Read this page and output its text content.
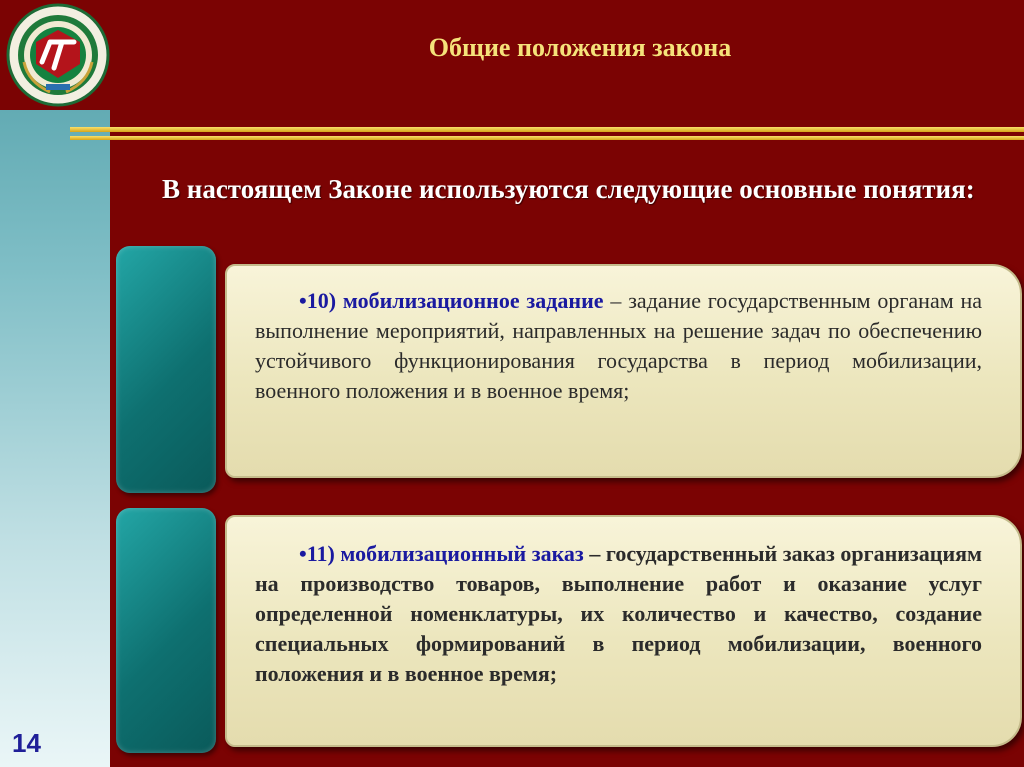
Общие положения закона
В настоящем Законе используются следующие основные понятия:
•10) мобилизационное задание – задание государственным органам на выполнение мероприятий, направленных на решение задач по обеспечению устойчивого функционирования государства в период мобилизации, военного положения и в военное время;
•11) мобилизационный заказ – государственный заказ организациям на производство товаров, выполнение работ и оказание услуг определенной номенклатуры, их количество и качество, создание специальных формирований в период мобилизации, военного положения и в военное время;
14
